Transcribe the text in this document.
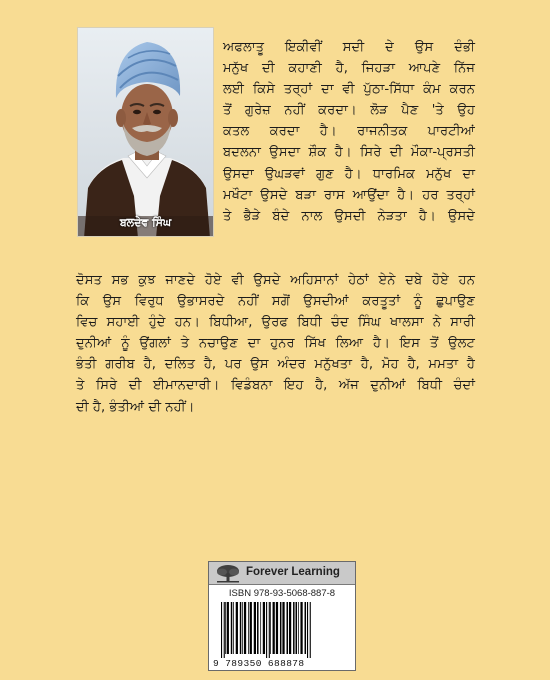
ਬਲਦੇਵ ਸਿੰਘ
ਅਫਲਾਤੂ ਇਕੀਵੀਂ ਸਦੀ ਦੇ ਉਸ ਦੰਭੀ
ਮਨੁੱਖ ਦੀ ਕਹਾਣੀ ਹੈ, ਜਿਹੜਾ ਆਪਣੇ ਨਿੱਜ
ਲਈ ਕਿਸੇ ਤਰ੍ਹਾਂ ਦਾ ਵੀ ਪੁੱਠਾ-ਸਿੱਧਾ ਕੰਮ ਕਰਨ
ਤੋਂ ਗੁਰੇਜ਼ ਨਹੀਂ ਕਰਦਾ। ਲੋੜ ਪੈਣ 'ਤੇ ਉਹ
ਕਤਲ ਕਰਦਾ ਹੈ। ਰਾਜਨੀਤਕ ਪਾਰਟੀਆਂ
ਬਦਲਨਾ ਉਸਦਾ ਸ਼ੌਕ ਹੈ। ਸਿਰੇ ਦੀ ਮੌਕਾ-ਪ੍ਰਸਤੀ
ਉਸਦਾ ਉਘੜਵਾਂ ਗੁਣ ਹੈ। ਧਾਰਮਿਕ ਮਨੁੱਖ ਦਾ
ਮਖੌਟਾ ਉਸਦੇ ਬੜਾ ਰਾਸ ਆਉਂਦਾ ਹੈ। ਹਰ ਤਰ੍ਹਾਂ
ਤੇ ਭੈੜੇ ਬੰਦੇ ਨਾਲ ਉਸਦੀ ਨੇੜਤਾ ਹੈ। ਉਸਦੇ
ਦੋਸਤ ਸਭ ਕੁਝ ਜਾਣਦੇ ਹੋਏ ਵੀ ਉਸਦੇ ਅਹਿਸਾਨਾਂ ਹੇਠਾਂ ਏਨੇ ਦਬੇ ਹੋਏ ਹਨ
ਕਿ ਉਸ ਵਿਰੁਧ ਉਭਾਸਰਦੇ ਨਹੀਂ ਸਗੋਂ ਉਸਦੀਆਂ ਕਰਤੂਤਾਂ ਨੂੰ ਛੁਪਾਉਣ
ਵਿਚ ਸਹਾਈ ਹੁੰਦੇ ਹਨ। ਬਿਧੀਆ, ਉਰਫ ਬਿਧੀ ਚੰਦ ਸਿੰਘ ਖਾਲਸਾ ਨੇ ਸਾਰੀ
ਦੁਨੀਆਂ ਨੂੰ ਉਂਗਲਾਂ ਤੇ ਨਚਾਉਣ ਦਾ ਹੁਨਰ ਸਿੱਖ ਲਿਆ ਹੈ। ਇਸ ਤੋਂ ਉਲਟ
ਭੰਤੀ ਗਰੀਬ ਹੈ, ਦਲਿਤ ਹੈ, ਪਰ ਉਸ ਅੰਦਰ ਮਨੁੱਖਤਾ ਹੈ, ਮੋਹ ਹੈ, ਮਮਤਾ ਹੈ
ਤੇ ਸਿਰੇ ਦੀ ਈਮਾਨਦਾਰੀ। ਵਿਡੰਬਨਾ ਇਹ ਹੈ, ਅੱਜ ਦੁਨੀਆਂ ਬਿਧੀ ਚੰਦਾਂ
ਦੀ ਹੈ, ਭੰਤੀਆਂ ਦੀ ਨਹੀਂ।
Forever Learning
ISBN 978-93-5068-887-8
9 789350 688878
